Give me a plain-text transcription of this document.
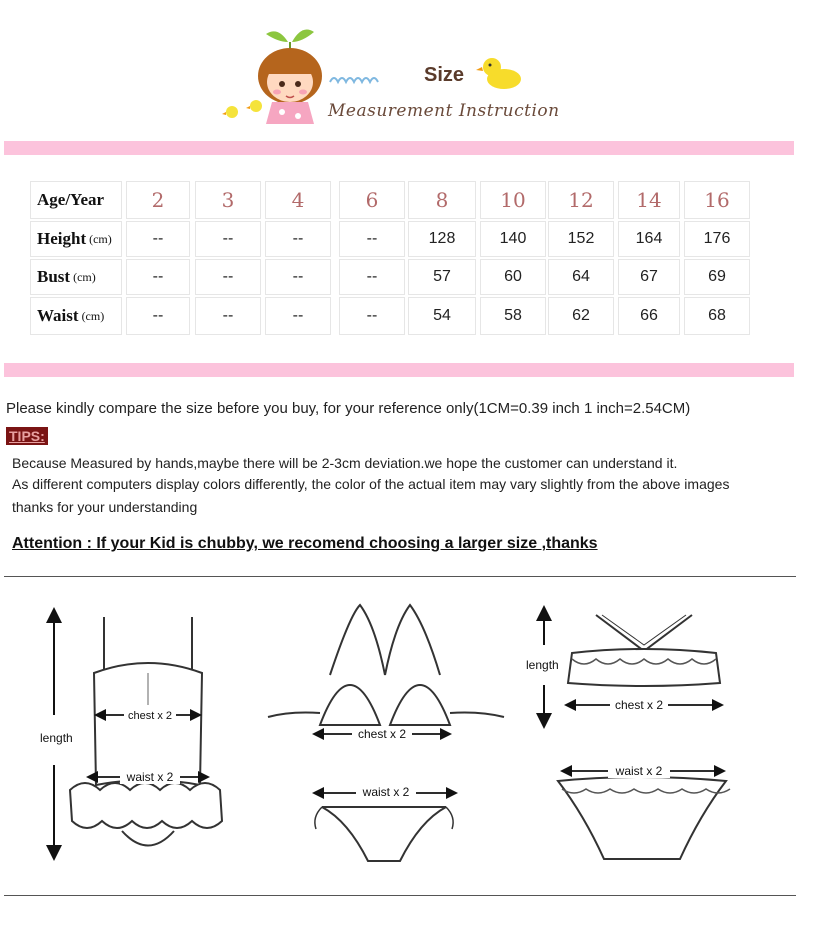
Size
Measurement Instruction
Age/Year	2	3	4	6	8	10	12	14	16
Height (cm)	--	--	--	--	128	140	152	164	176
Bust (cm)	--	--	--	--	57	60	64	67	69
Waist (cm)	--	--	--	--	54	58	62	66	68
Please kindly compare the size before you buy, for your reference only(1CM=0.39 inch 1 inch=2.54CM)
TIPS:
Because Measured by hands,maybe there will be 2-3cm deviation.we hope the customer can understand it.
As different computers display colors differently, the color of the actual item may vary slightly from the above images
thanks for your understanding
Attention : If your Kid is chubby, we recomend choosing a larger size ,thanks
chest x 2
waist x 2
length	chest x 2
waist x 2
length
chest x 2
waist x 2
